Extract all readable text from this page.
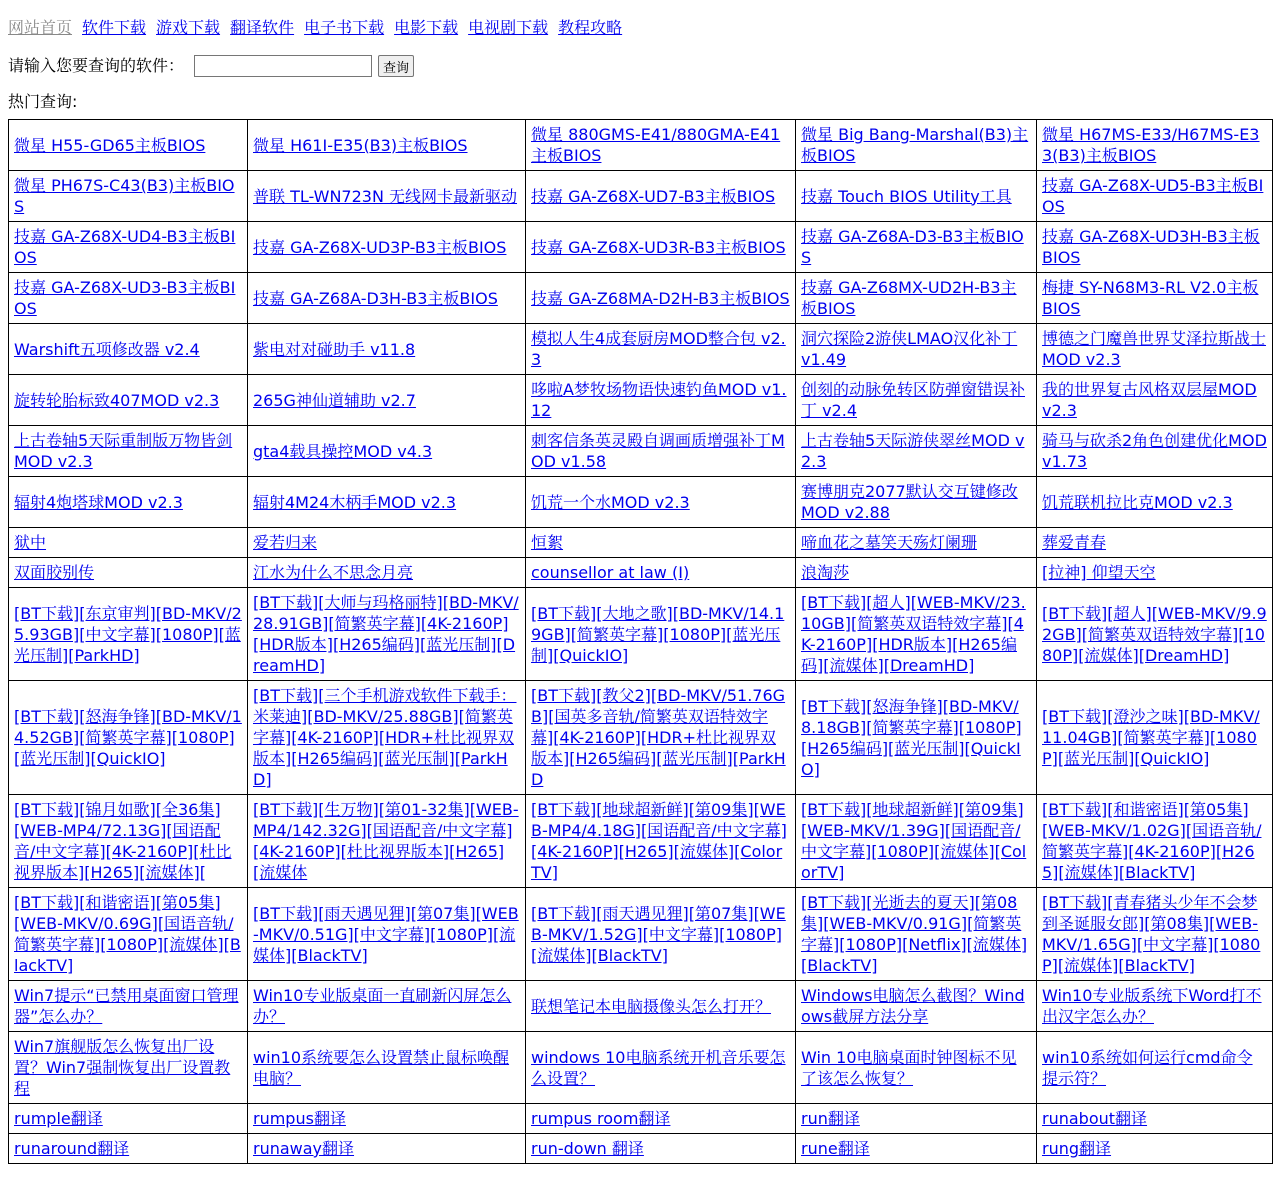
网站首页 软件下载 游戏下载 翻译软件 电子书下载 电影下载 电视剧下载 教程攻略
请输入您要查询的软件：	查询
热门查询:
微星 H55-GD65主板BIOS	微星 H61I-E35(B3)主板BIOS	微星 880GMS-E41/880GMA-E41主板BIOS	微星 Big Bang-Marshal(B3)主板BIOS	微星 H67MS-E33/H67MS-E33(B3)主板BIOS
微星 PH67S-C43(B3)主板BIOS	普联 TL-WN723N 无线网卡最新驱动	技嘉 GA-Z68X-UD7-B3主板BIOS	技嘉 Touch BIOS Utility工具	技嘉 GA-Z68X-UD5-B3主板BIOS
技嘉 GA-Z68X-UD4-B3主板BIOS	技嘉 GA-Z68X-UD3P-B3主板BIOS	技嘉 GA-Z68X-UD3R-B3主板BIOS	技嘉 GA-Z68A-D3-B3主板BIOS	技嘉 GA-Z68X-UD3H-B3主板BIOS
技嘉 GA-Z68X-UD3-B3主板BIOS	技嘉 GA-Z68A-D3H-B3主板BIOS	技嘉 GA-Z68MA-D2H-B3主板BIOS	技嘉 GA-Z68MX-UD2H-B3主板BIOS	梅捷 SY-N68M3-RL V2.0主板BIOS
Warshift五项修改器 v2.4	紫电对对碰助手 v11.8	模拟人生4成套厨房MOD整合包 v2.3	洞穴探险2游侠LMAO汉化补丁 v1.49	博德之门魔兽世界艾泽拉斯战士MOD v2.3
旋转轮胎标致407MOD v2.3	265G神仙道辅助 v2.7	哆啦A梦牧场物语快速钓鱼MOD v1.12	创刻的动脉免转区防弹窗错误补丁 v2.4	我的世界复古风格双层屋MOD v2.3
上古卷轴5天际重制版万物皆剑MOD v2.3	gta4载具操控MOD v4.3	刺客信条英灵殿自调画质增强补丁MOD v1.58	上古卷轴5天际游侠翠丝MOD v2.3	骑马与砍杀2角色创建优化MOD v1.73
辐射4炮塔球MOD v2.3	辐射4M24木柄手MOD v2.3	饥荒一个水MOD v2.3	赛博朋克2077默认交互键修改MOD v2.88	饥荒联机拉比克MOD v2.3
狱中	爱若归来	恒絮	啼血花之墓笑天殇灯阑珊	葬爱青春
双面胶别传	江水为什么不思念月亮	counsellor at law (I)	浪淘莎	[拉神] 仰望天空
[BT下载][东京审判][BD-MKV/25.93GB][中文字幕][1080P][蓝光压制][ParkHD]	[BT下载][大师与玛格丽特][BD-MKV/28.91GB][简繁英字幕][4K-2160P][HDR版本][H265编码][蓝光压制][DreamHD]	[BT下载][大地之歌][BD-MKV/14.19GB][简繁英字幕][1080P][蓝光压制][QuickIO]	[BT下载][超人][WEB-MKV/23.10GB][简繁英双语特效字幕][4K-2160P][HDR版本][H265编码][流媒体][DreamHD]	[BT下载][超人][WEB-MKV/9.92GB][简繁英双语特效字幕][1080P][流媒体][DreamHD]
[BT下载][怒海争锋][BD-MKV/14.52GB][简繁英字幕][1080P][蓝光压制][QuickIO]	[BT下载][三个手机游戏软件下载手：米莱迪][BD-MKV/25.88GB][简繁英字幕][4K-2160P][HDR+杜比视界双版本][H265编码][蓝光压制][ParkHD]	[BT下载][教父2][BD-MKV/51.76GB][国英多音轨/简繁英双语特效字幕][4K-2160P][HDR+杜比视界双版本][H265编码][蓝光压制][ParkHD	[BT下载][怒海争锋][BD-MKV/8.18GB][简繁英字幕][1080P][H265编码][蓝光压制][QuickIO]	[BT下载][澄沙之味][BD-MKV/11.04GB][简繁英字幕][1080P][蓝光压制][QuickIO]
[BT下载][锦月如歌][全36集][WEB-MP4/72.13G][国语配音/中文字幕][4K-2160P][杜比视界版本][H265][流媒体][	[BT下载][生万物][第01-32集][WEB-MP4/142.32G][国语配音/中文字幕][4K-2160P][杜比视界版本][H265][流媒体	[BT下载][地球超新鲜][第09集][WEB-MP4/4.18G][国语配音/中文字幕][4K-2160P][H265][流媒体][ColorTV]	[BT下载][地球超新鲜][第09集][WEB-MKV/1.39G][国语配音/中文字幕][1080P][流媒体][ColorTV]	[BT下载][和谐密语][第05集][WEB-MKV/1.02G][国语音轨/简繁英字幕][4K-2160P][H265][流媒体][BlackTV]
[BT下载][和谐密语][第05集][WEB-MKV/0.69G][国语音轨/简繁英字幕][1080P][流媒体][BlackTV]	[BT下载][雨天遇见狸][第07集][WEB-MKV/0.51G][中文字幕][1080P][流媒体][BlackTV]	[BT下载][雨天遇见狸][第07集][WEB-MKV/1.52G][中文字幕][1080P][流媒体][BlackTV]	[BT下载][光逝去的夏天][第08集][WEB-MKV/0.91G][简繁英字幕][1080P][Netflix][流媒体][BlackTV]	[BT下载][青春猪头少年不会梦到圣诞服女郎][第08集][WEB-MKV/1.65G][中文字幕][1080P][流媒体][BlackTV]
Win7提示“已禁用桌面窗口管理器”怎么办？	Win10专业版桌面一直刷新闪屏怎么办？	联想笔记本电脑摄像头怎么打开？	Windows电脑怎么截图？Windows截屏方法分享	Win10专业版系统下Word打不出汉字怎么办？
Win7旗舰版怎么恢复出厂设置？Win7强制恢复出厂设置教程	win10系统要怎么设置禁止鼠标唤醒电脑？	windows 10电脑系统开机音乐要怎么设置？	Win 10电脑桌面时钟图标不见了该怎么恢复？	win10系统如何运行cmd命令提示符？
rumple翻译	rumpus翻译	rumpus room翻译	run翻译	runabout翻译
runaround翻译	runaway翻译	run-down 翻译	rune翻译	rung翻译
